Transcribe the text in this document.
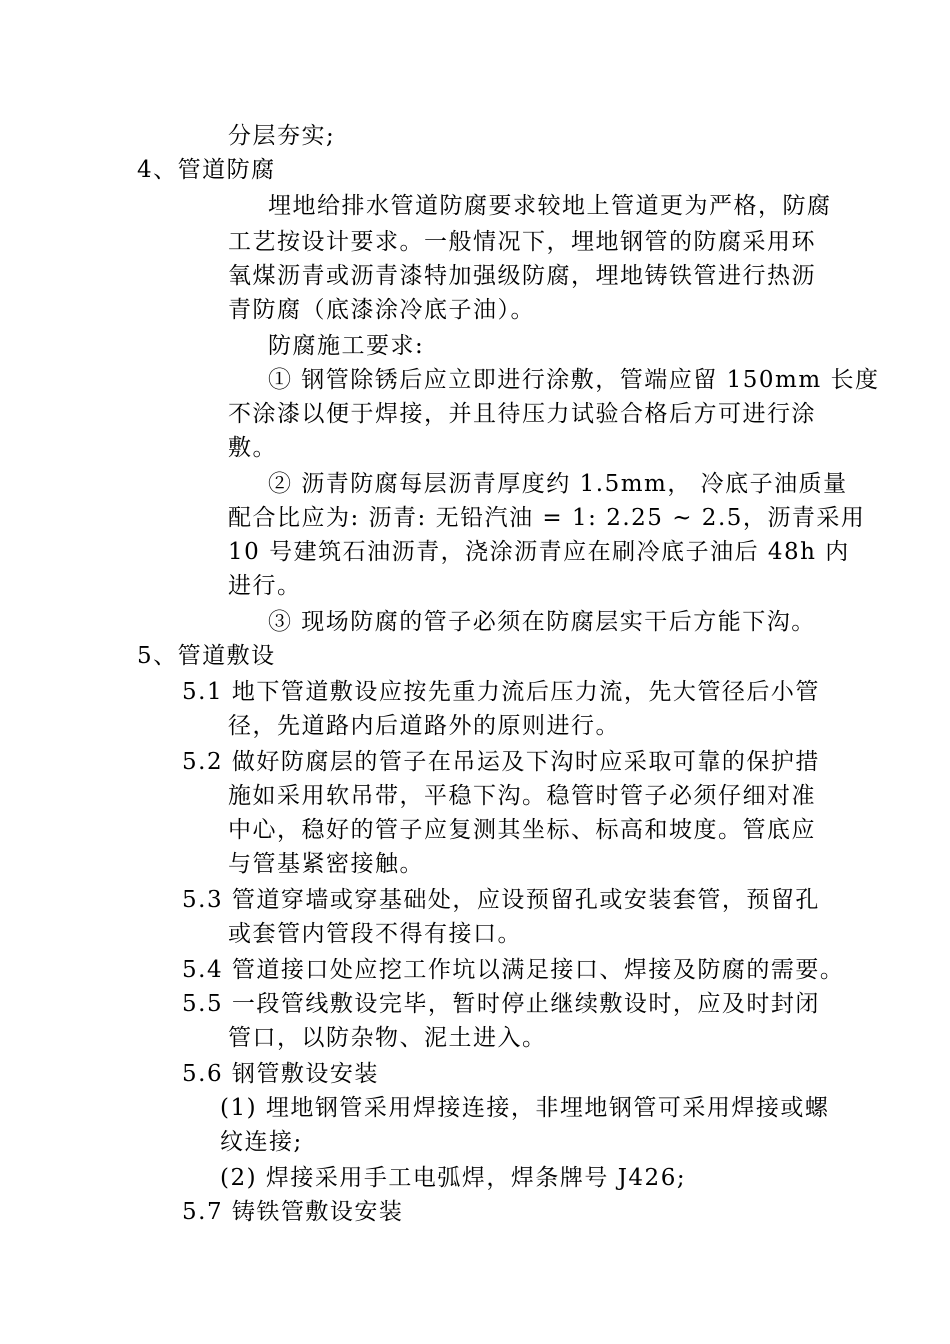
分层夯实;
4、管道防腐
埋地给排水管道防腐要求较地上管道更为严格，防腐
工艺按设计要求。一般情况下，埋地钢管的防腐采用环
氧煤沥青或沥青漆特加强级防腐，埋地铸铁管进行热沥
青防腐（底漆涂冷底子油）。
防腐施工要求:
① 钢管除锈后应立即进行涂敷，管端应留 150mm 长度
不涂漆以便于焊接，并且待压力试验合格后方可进行涂
敷。
② 沥青防腐每层沥青厚度约 1.5mm， 冷底子油质量
配合比应为: 沥青: 无铅汽油 = 1: 2.25 ~ 2.5，沥青采用
10 号建筑石油沥青，浇涂沥青应在刷冷底子油后 48h 内
进行。
③ 现场防腐的管子必须在防腐层实干后方能下沟。
5、管道敷设
5.1 地下管道敷设应按先重力流后压力流，先大管径后小管
径，先道路内后道路外的原则进行。
5.2 做好防腐层的管子在吊运及下沟时应采取可靠的保护措
施如采用软吊带，平稳下沟。稳管时管子必须仔细对准
中心，稳好的管子应复测其坐标、标高和坡度。管底应
与管基紧密接触。
5.3 管道穿墙或穿基础处，应设预留孔或安装套管，预留孔
或套管内管段不得有接口。
5.4 管道接口处应挖工作坑以满足接口、焊接及防腐的需要。
5.5 一段管线敷设完毕，暂时停止继续敷设时，应及时封闭
管口，以防杂物、泥土进入。
5.6 钢管敷设安装
(1) 埋地钢管采用焊接连接，非埋地钢管可采用焊接或螺
纹连接;
(2) 焊接采用手工电弧焊，焊条牌号 J426;
5.7 铸铁管敷设安装
